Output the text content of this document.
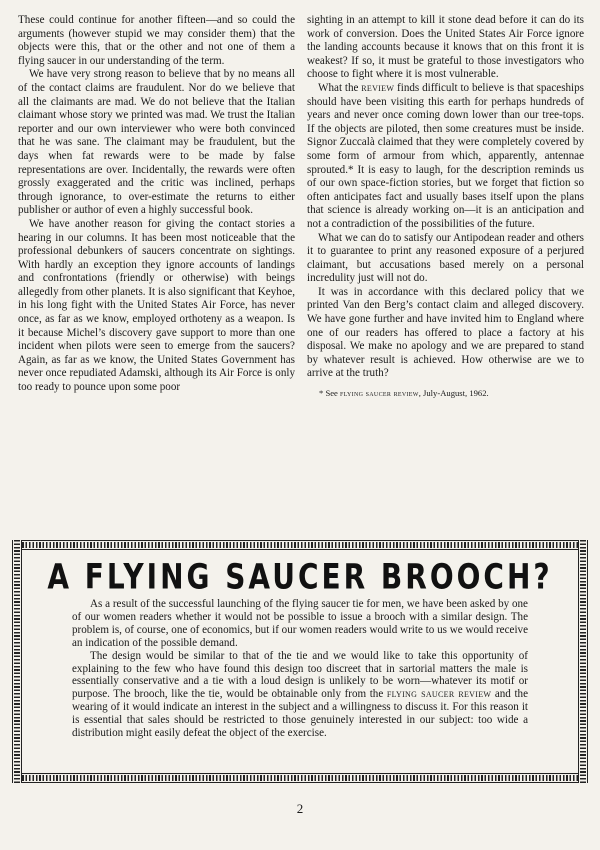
These could continue for another fifteen—and so could the arguments (however stupid we may consider them) that the objects were this, that or the other and not one of them a flying saucer in our understanding of the term.

We have very strong reason to believe that by no means all of the contact claims are fraudulent. Nor do we believe that all the claimants are mad. We do not believe that the Italian claimant whose story we printed was mad. We trust the Italian reporter and our own interviewer who were both convinced that he was sane. The claimant may be fraudulent, but the days when fat rewards were to be made by false representations are over. Incidentally, the rewards were often grossly exaggerated and the critic was inclined, perhaps through ignorance, to over-estimate the returns to either publisher or author of even a highly successful book.

We have another reason for giving the contact stories a hearing in our columns. It has been most noticeable that the professional debunkers of saucers concentrate on sightings. With hardly an exception they ignore accounts of landings and confrontations (friendly or otherwise) with beings allegedly from other planets. It is also significant that Keyhoe, in his long fight with the United States Air Force, has never once, as far as we know, employed orthoteny as a weapon. Is it because Michel’s discovery gave support to more than one incident when pilots were seen to emerge from the saucers? Again, as far as we know, the United States Government has never once repudiated Adamski, although its Air Force is only too ready to pounce upon some poor

sighting in an attempt to kill it stone dead before it can do its work of conversion. Does the United States Air Force ignore the landing accounts because it knows that on this front it is weakest? If so, it must be grateful to those investigators who choose to fight where it is most vulnerable.

What the review finds difficult to believe is that spaceships should have been visiting this earth for perhaps hundreds of years and never once coming down lower than our tree-tops. If the objects are piloted, then some creatures must be inside. Signor Zuccalà claimed that they were completely covered by some form of armour from which, apparently, antennae sprouted.* It is easy to laugh, for the description reminds us of our own space-fiction stories, but we forget that fiction so often anticipates fact and usually bases itself upon the plans that science is already working on—it is an anticipation and not a contradiction of the possibilities of the future.

What we can do to satisfy our Antipodean reader and others it to guarantee to print any reasoned exposure of a perjured claimant, but accusations based merely on a personal incredulity just will not do.

It was in accordance with this declared policy that we printed Van den Berg’s contact claim and alleged discovery. We have gone further and have invited him to England where one of our readers has offered to place a factory at his disposal. We make no apology and we are prepared to stand by whatever result is achieved. How otherwise are we to arrive at the truth?

* See flying saucer review, July-August, 1962.

A FLYING SAUCER BROOCH?

As a result of the successful launching of the flying saucer tie for men, we have been asked by one of our women readers whether it would not be possible to issue a brooch with a similar design. The problem is, of course, one of economics, but if our women readers would write to us we would receive an indication of the possible demand.

The design would be similar to that of the tie and we would like to take this opportunity of explaining to the few who have found this design too discreet that in sartorial matters the male is essentially conservative and a tie with a loud design is unlikely to be worn—whatever its motif or purpose. The brooch, like the tie, would be obtainable only from the flying saucer review and the wearing of it would indicate an interest in the subject and a willingness to discuss it. For this reason it is essential that sales should be restricted to those genuinely interested in our subject: too wide a distribution might easily defeat the object of the exercise.

2
